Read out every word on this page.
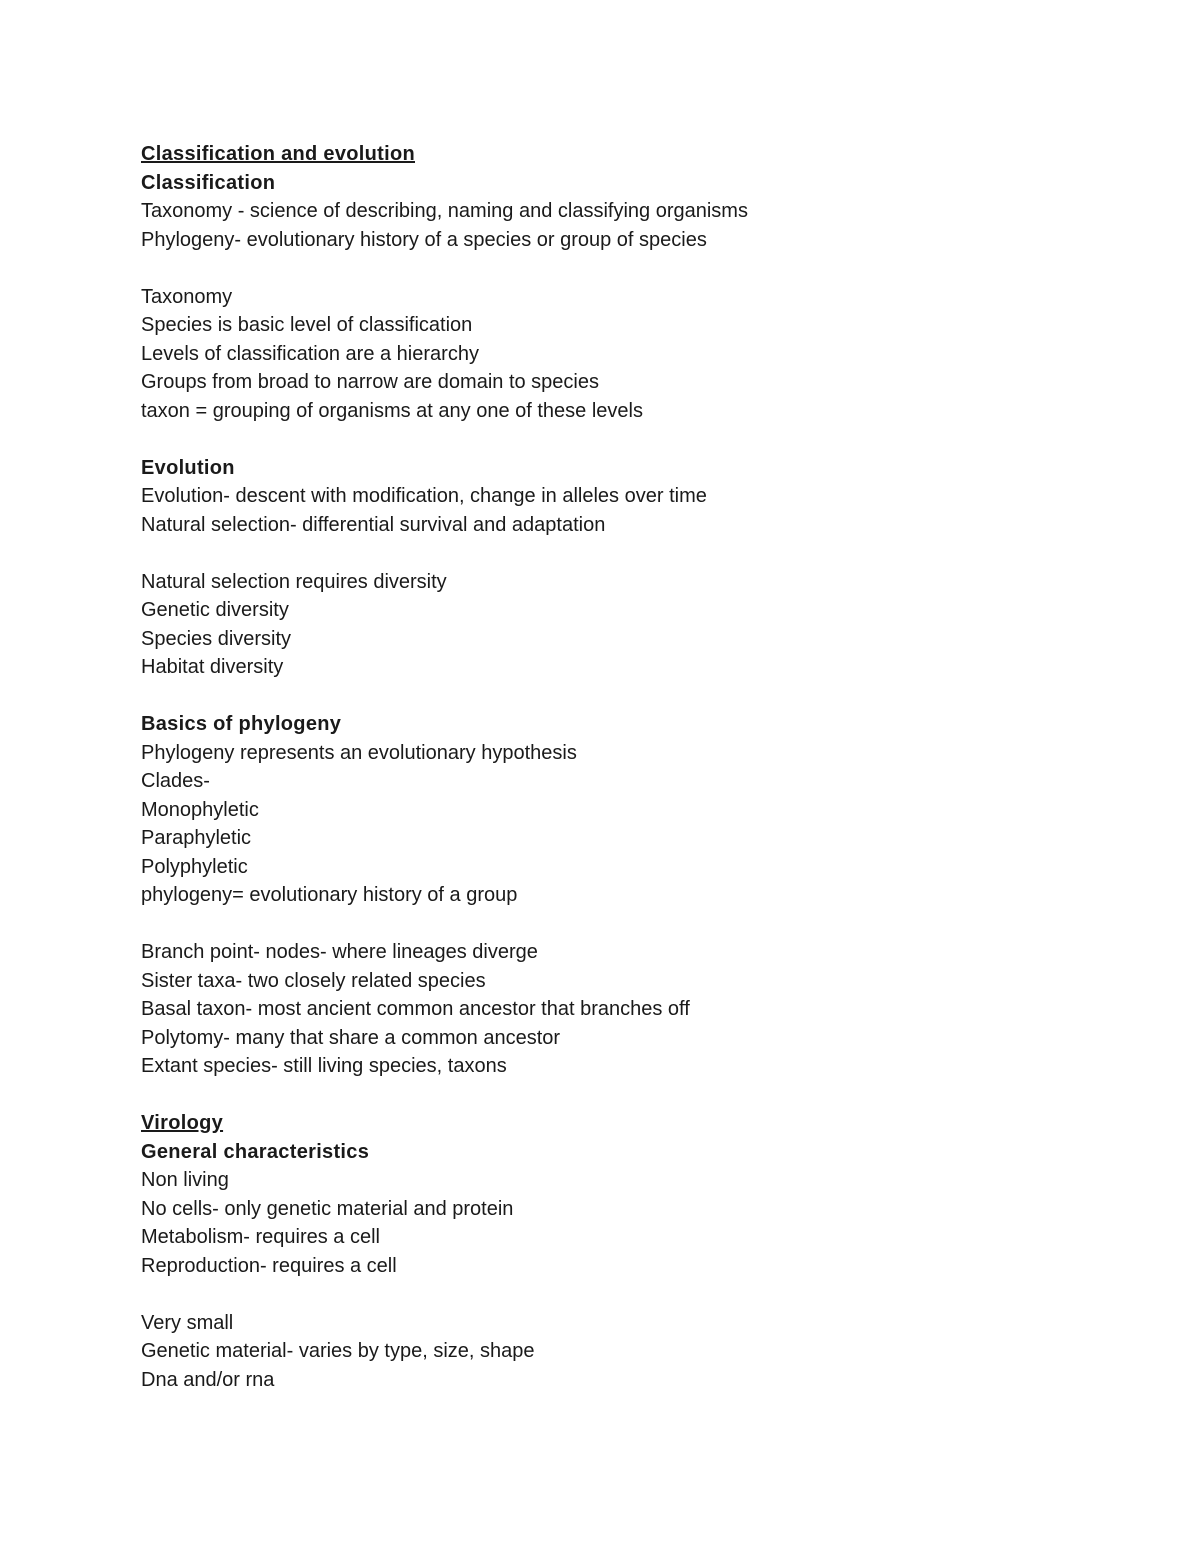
Classification and evolution
Classification
Taxonomy - science of describing, naming and classifying organisms
Phylogeny- evolutionary history of a species or group of species
Taxonomy
Species is basic level of classification
Levels of classification are a hierarchy
Groups from broad to narrow are domain to species
taxon = grouping of organisms at any one of these levels
Evolution
Evolution- descent with modification, change in alleles over time
Natural selection- differential survival and adaptation
Natural selection requires diversity
Genetic diversity
Species diversity
Habitat diversity
Basics of phylogeny
Phylogeny represents an evolutionary hypothesis
Clades-
Monophyletic
Paraphyletic
Polyphyletic
phylogeny= evolutionary history of a group
Branch point- nodes- where lineages diverge
Sister taxa- two closely related species
Basal taxon- most ancient common ancestor that branches off
Polytomy- many that share a common ancestor
Extant species- still living species, taxons
Virology
General characteristics
Non living
No cells- only genetic material and protein
Metabolism- requires a cell
Reproduction- requires a cell
Very small
Genetic material- varies by type, size, shape
Dna and/or rna
